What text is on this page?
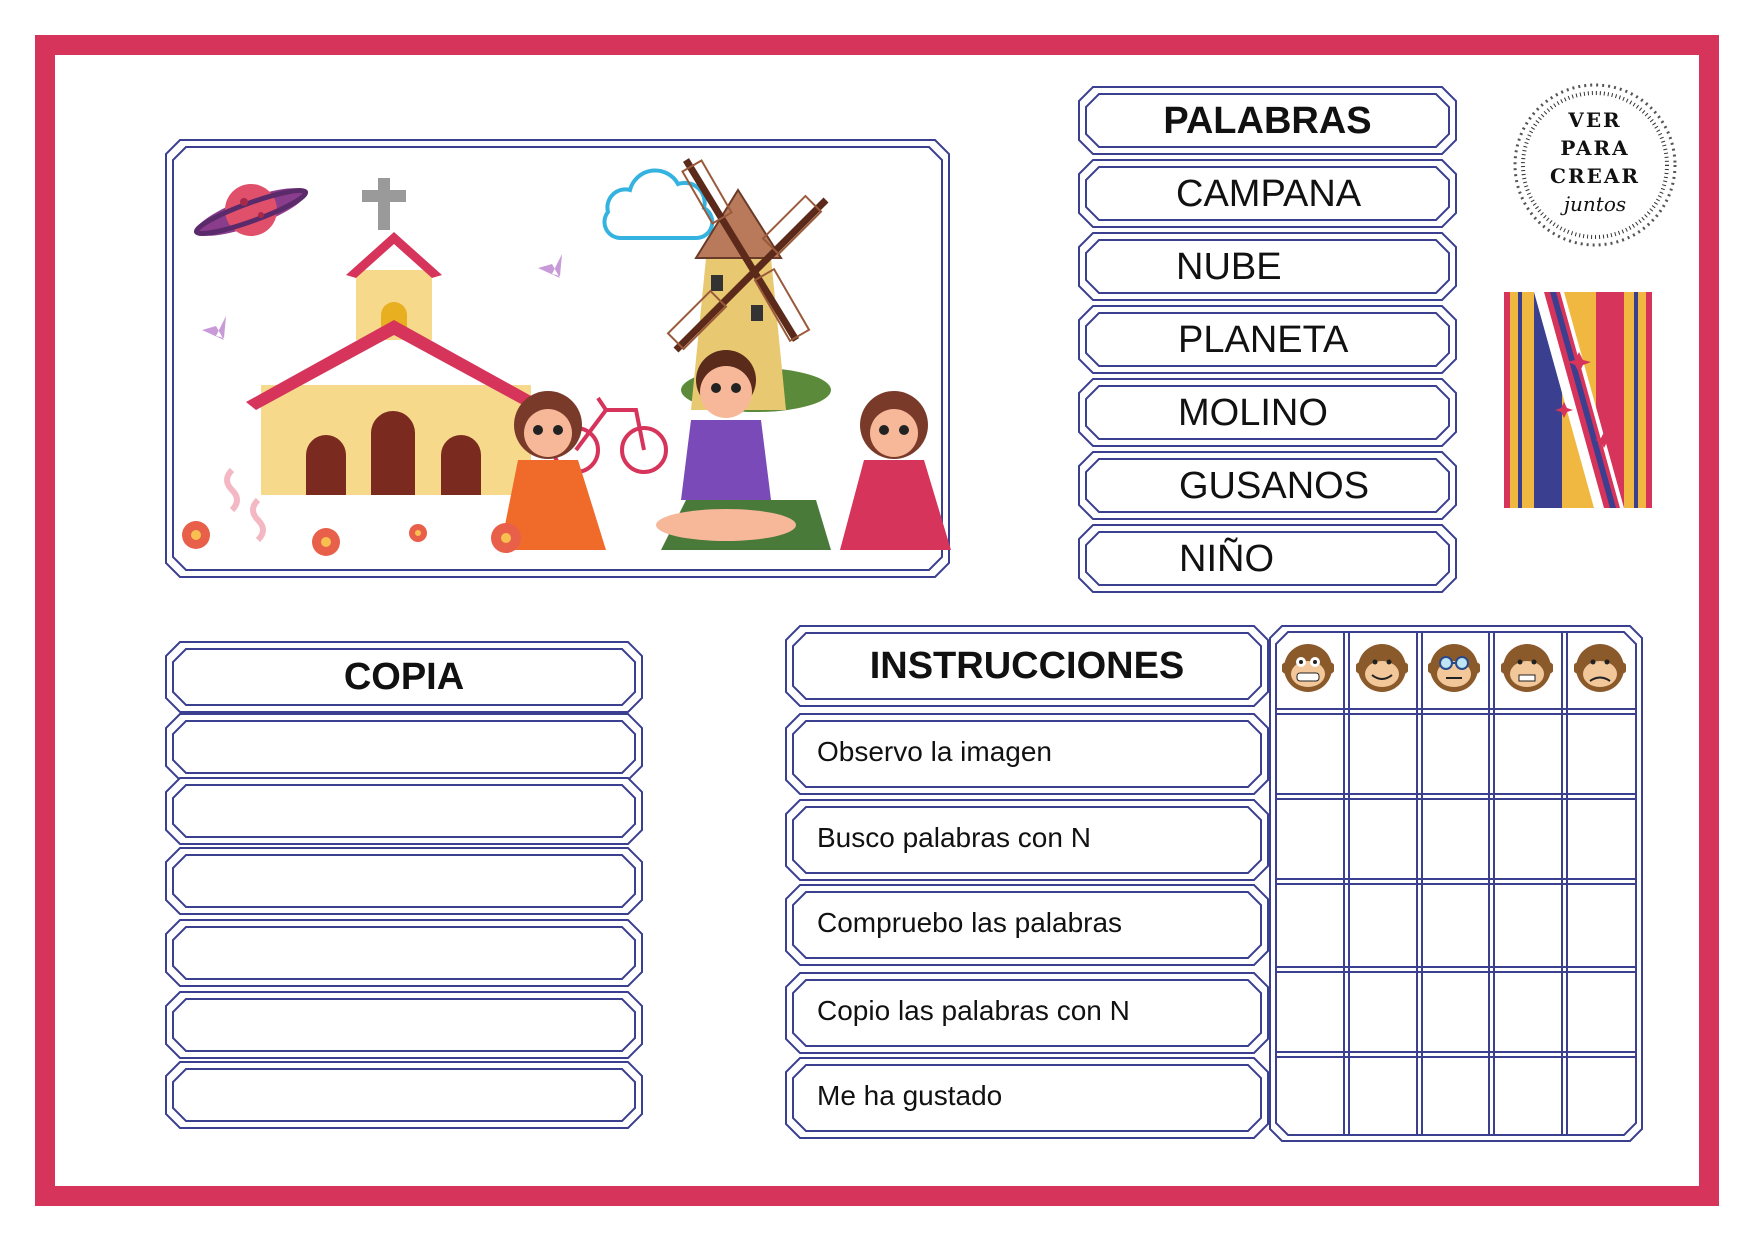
PALABRAS
CAMPANA
NUBE
PLANETA
MOLINO
GUSANOS
NIÑO
VER
PARA
CREAR
juntos
COPIA	INSTRUCCIONES
Observo la imagen
Busco palabras con N
Compruebo las palabras
Copio las palabras con N
Me ha gustado
